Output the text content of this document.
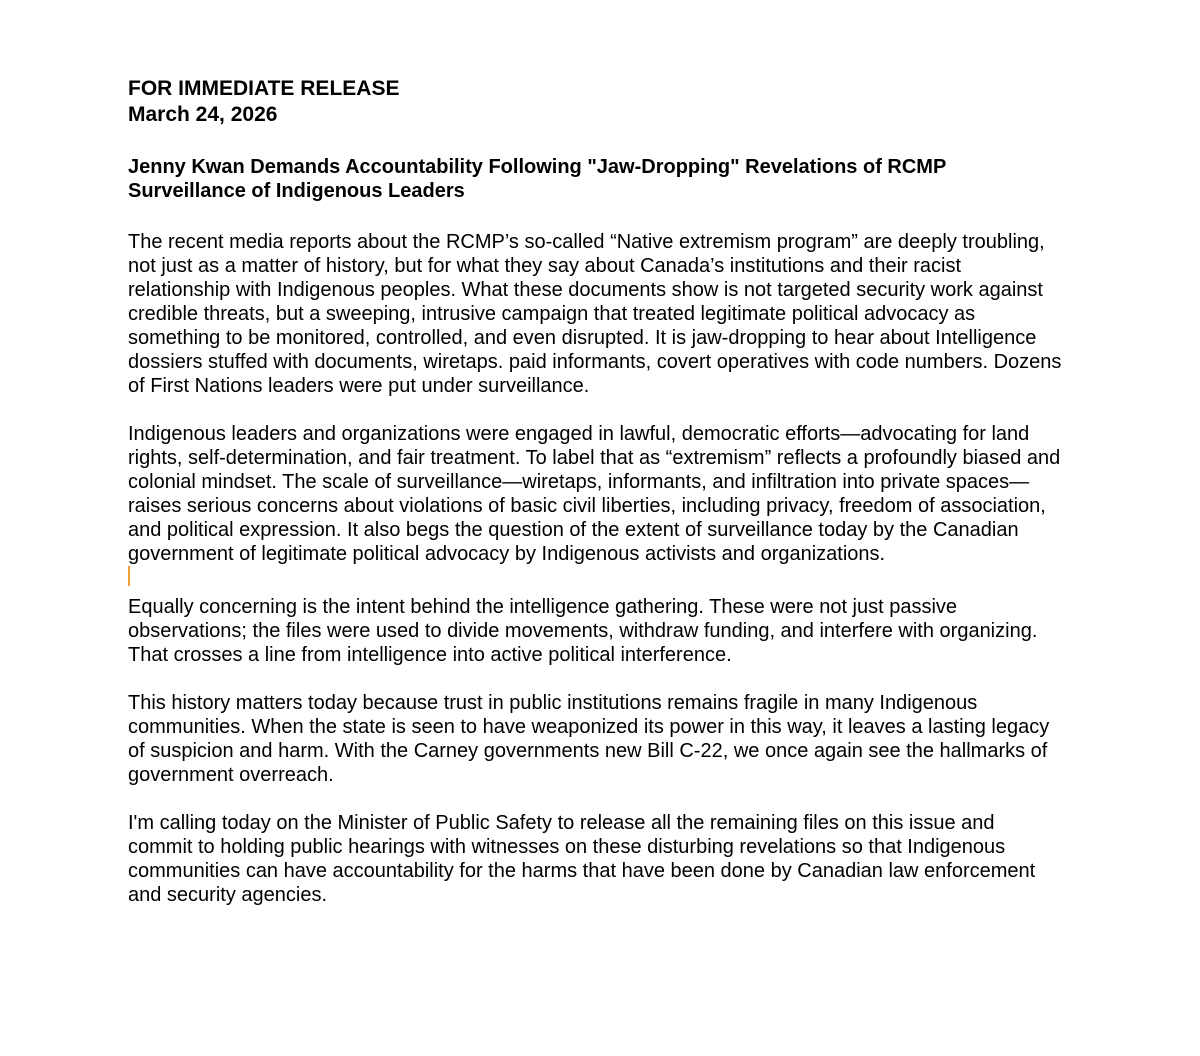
FOR IMMEDIATE RELEASE
March 24, 2026
Jenny Kwan Demands Accountability Following "Jaw-Dropping" Revelations of RCMP Surveillance of Indigenous Leaders

The recent media reports about the RCMP’s so-called “Native extremism program” are deeply troubling, not just as a matter of history, but for what they say about Canada’s institutions and their racist relationship with Indigenous peoples. What these documents show is not targeted security work against credible threats, but a sweeping, intrusive campaign that treated legitimate political advocacy as something to be monitored, controlled, and even disrupted. It is jaw-dropping to hear about Intelligence dossiers stuffed with documents, wiretaps. paid informants, covert operatives with code numbers. Dozens of First Nations leaders were put under surveillance.

Indigenous leaders and organizations were engaged in lawful, democratic efforts—advocating for land rights, self-determination, and fair treatment. To label that as “extremism” reflects a profoundly biased and colonial mindset. The scale of surveillance—wiretaps, informants, and infiltration into private spaces—raises serious concerns about violations of basic civil liberties, including privacy, freedom of association, and political expression. It also begs the question of the extent of surveillance today by the Canadian government of legitimate political advocacy by Indigenous activists and organizations.

Equally concerning is the intent behind the intelligence gathering. These were not just passive observations; the files were used to divide movements, withdraw funding, and interfere with organizing. That crosses a line from intelligence into active political interference.

This history matters today because trust in public institutions remains fragile in many Indigenous communities. When the state is seen to have weaponized its power in this way, it leaves a lasting legacy of suspicion and harm. With the Carney governments new Bill C-22, we once again see the hallmarks of government overreach.

I'm calling today on the Minister of Public Safety to release all the remaining files on this issue and commit to holding public hearings with witnesses on these disturbing revelations so that Indigenous communities can have accountability for the harms that have been done by Canadian law enforcement and security agencies.
